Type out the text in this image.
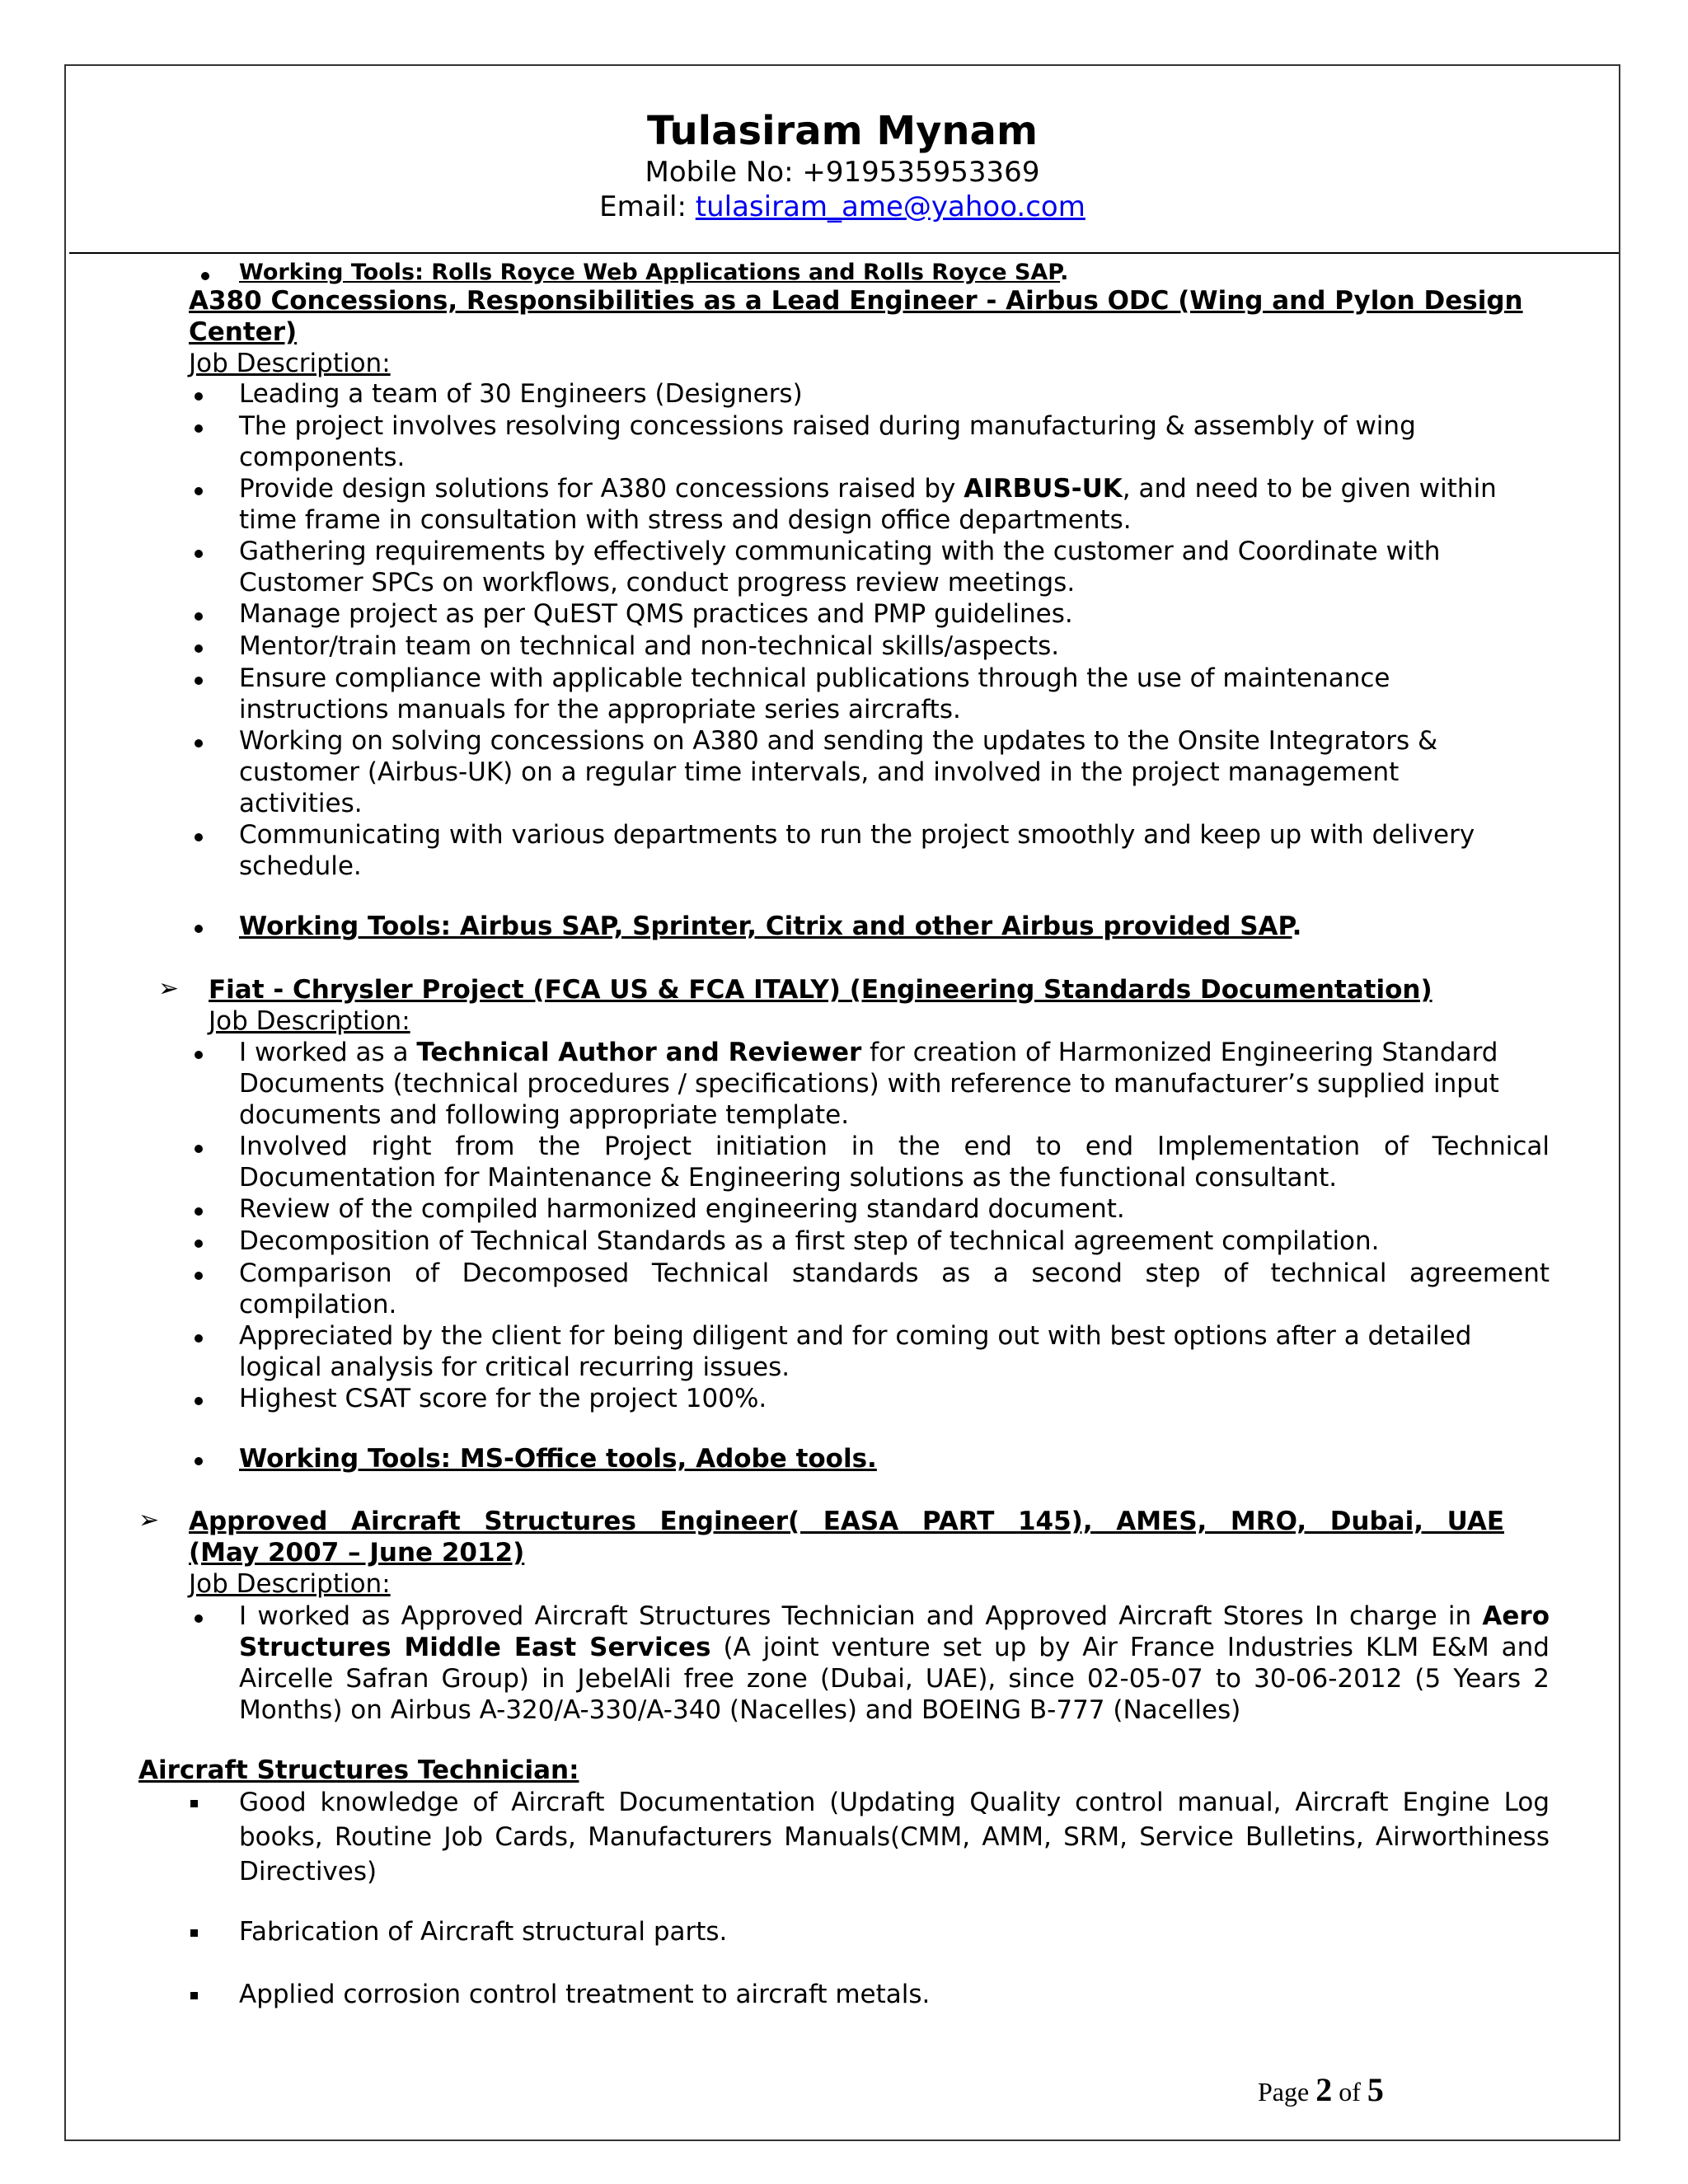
Tulasiram Mynam
Mobile No: +919535953369
Email: tulasiram_ame@yahoo.com
Working Tools: Rolls Royce Web Applications and Rolls Royce SAP.
A380 Concessions, Responsibilities as a Lead Engineer - Airbus ODC (Wing and Pylon Design
Center)
Job Description:
Leading a team of 30 Engineers (Designers)
The project involves resolving concessions raised during manufacturing & assembly of wing
components.
Provide design solutions for A380 concessions raised by AIRBUS-UK, and need to be given within
time frame in consultation with stress and design office departments.
Gathering requirements by effectively communicating with the customer and Coordinate with
Customer SPCs on workflows, conduct progress review meetings.
Manage project as per QuEST QMS practices and PMP guidelines.
Mentor/train team on technical and non-technical skills/aspects.
Ensure compliance with applicable technical publications through the use of maintenance
instructions manuals for the appropriate series aircrafts.
Working on solving concessions on A380 and sending the updates to the Onsite Integrators &
customer (Airbus-UK) on a regular time intervals, and involved in the project management
activities.
Communicating with various departments to run the project smoothly and keep up with delivery
schedule.
Working Tools: Airbus SAP, Sprinter, Citrix and other Airbus provided SAP.
➢ Fiat - Chrysler Project (FCA US & FCA ITALY) (Engineering Standards Documentation)
Job Description:
I worked as a Technical Author and Reviewer for creation of Harmonized Engineering Standard
Documents (technical procedures / specifications) with reference to manufacturer’s supplied input
documents and following appropriate template.
Involved right from the Project initiation in the end to end Implementation of Technical
Documentation for Maintenance & Engineering solutions as the functional consultant.
Review of the compiled harmonized engineering standard document.
Decomposition of Technical Standards as a first step of technical agreement compilation.
Comparison of Decomposed Technical standards as a second step of technical agreement
compilation.
Appreciated by the client for being diligent and for coming out with best options after a detailed
logical analysis for critical recurring issues.
Highest CSAT score for the project 100%.
Working Tools: MS-Office tools, Adobe tools.
➢ Approved Aircraft Structures Engineer( EASA PART 145), AMES, MRO, Dubai, UAE
(May 2007 – June 2012)
Job Description:
I worked as Approved Aircraft Structures Technician and Approved Aircraft Stores In charge in Aero
Structures Middle East Services (A joint venture set up by Air France Industries KLM E&M and
Aircelle Safran Group) in JebelAli free zone (Dubai, UAE), since 02-05-07 to 30-06-2012 (5 Years 2
Months) on Airbus A-320/A-330/A-340 (Nacelles) and BOEING B-777 (Nacelles)
Aircraft Structures Technician:
Good knowledge of Aircraft Documentation (Updating Quality control manual, Aircraft Engine Log
books, Routine Job Cards, Manufacturers Manuals(CMM, AMM, SRM, Service Bulletins, Airworthiness
Directives)
Fabrication of Aircraft structural parts.
Applied corrosion control treatment to aircraft metals.
Page 2 of 5
